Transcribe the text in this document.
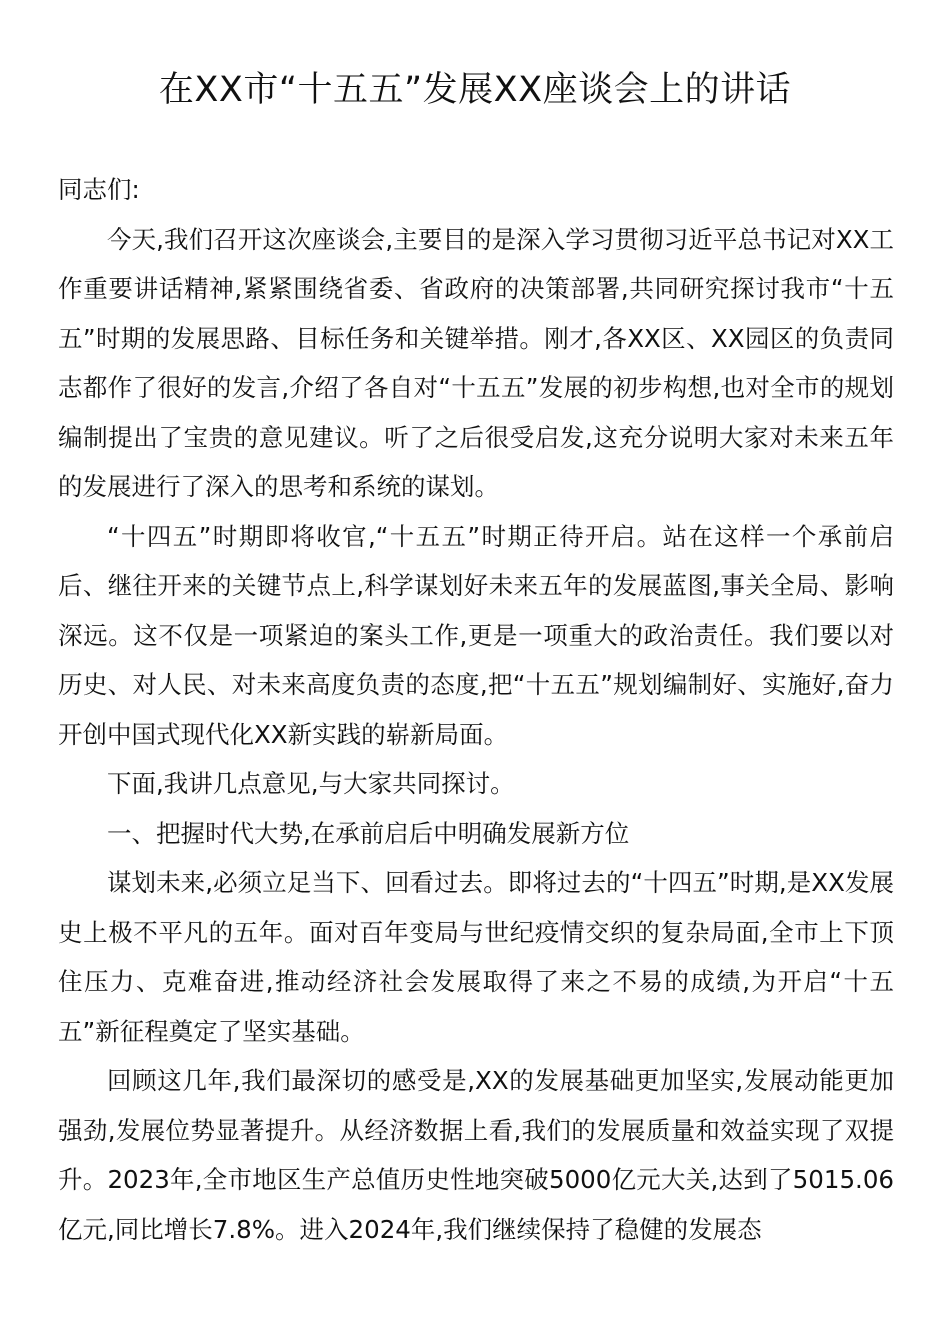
在XX市“十五五”发展XX座谈会上的讲话

同志们:

今天,我们召开这次座谈会,主要目的是深入学习贯彻习近平总书记对XX工作重要讲话精神,紧紧围绕省委、省政府的决策部署,共同研究探讨我市“十五五”时期的发展思路、目标任务和关键举措。刚才,各XX区、XX园区的负责同志都作了很好的发言,介绍了各自对“十五五”发展的初步构想,也对全市的规划编制提出了宝贵的意见建议。听了之后很受启发,这充分说明大家对未来五年的发展进行了深入的思考和系统的谋划。

“十四五”时期即将收官,“十五五”时期正待开启。站在这样一个承前启后、继往开来的关键节点上,科学谋划好未来五年的发展蓝图,事关全局、影响深远。这不仅是一项紧迫的案头工作,更是一项重大的政治责任。我们要以对历史、对人民、对未来高度负责的态度,把“十五五”规划编制好、实施好,奋力开创中国式现代化XX新实践的崭新局面。

下面,我讲几点意见,与大家共同探讨。

一、把握时代大势,在承前启后中明确发展新方位

谋划未来,必须立足当下、回看过去。即将过去的“十四五”时期,是XX发展史上极不平凡的五年。面对百年变局与世纪疫情交织的复杂局面,全市上下顶住压力、克难奋进,推动经济社会发展取得了来之不易的成绩,为开启“十五五”新征程奠定了坚实基础。

回顾这几年,我们最深切的感受是,XX的发展基础更加坚实,发展动能更加强劲,发展位势显著提升。从经济数据上看,我们的发展质量和效益实现了双提升。2023年,全市地区生产总值历史性地突破5000亿元大关,达到了5015.06亿元,同比增长7.8%。进入2024年,我们继续保持了稳健的发展态
